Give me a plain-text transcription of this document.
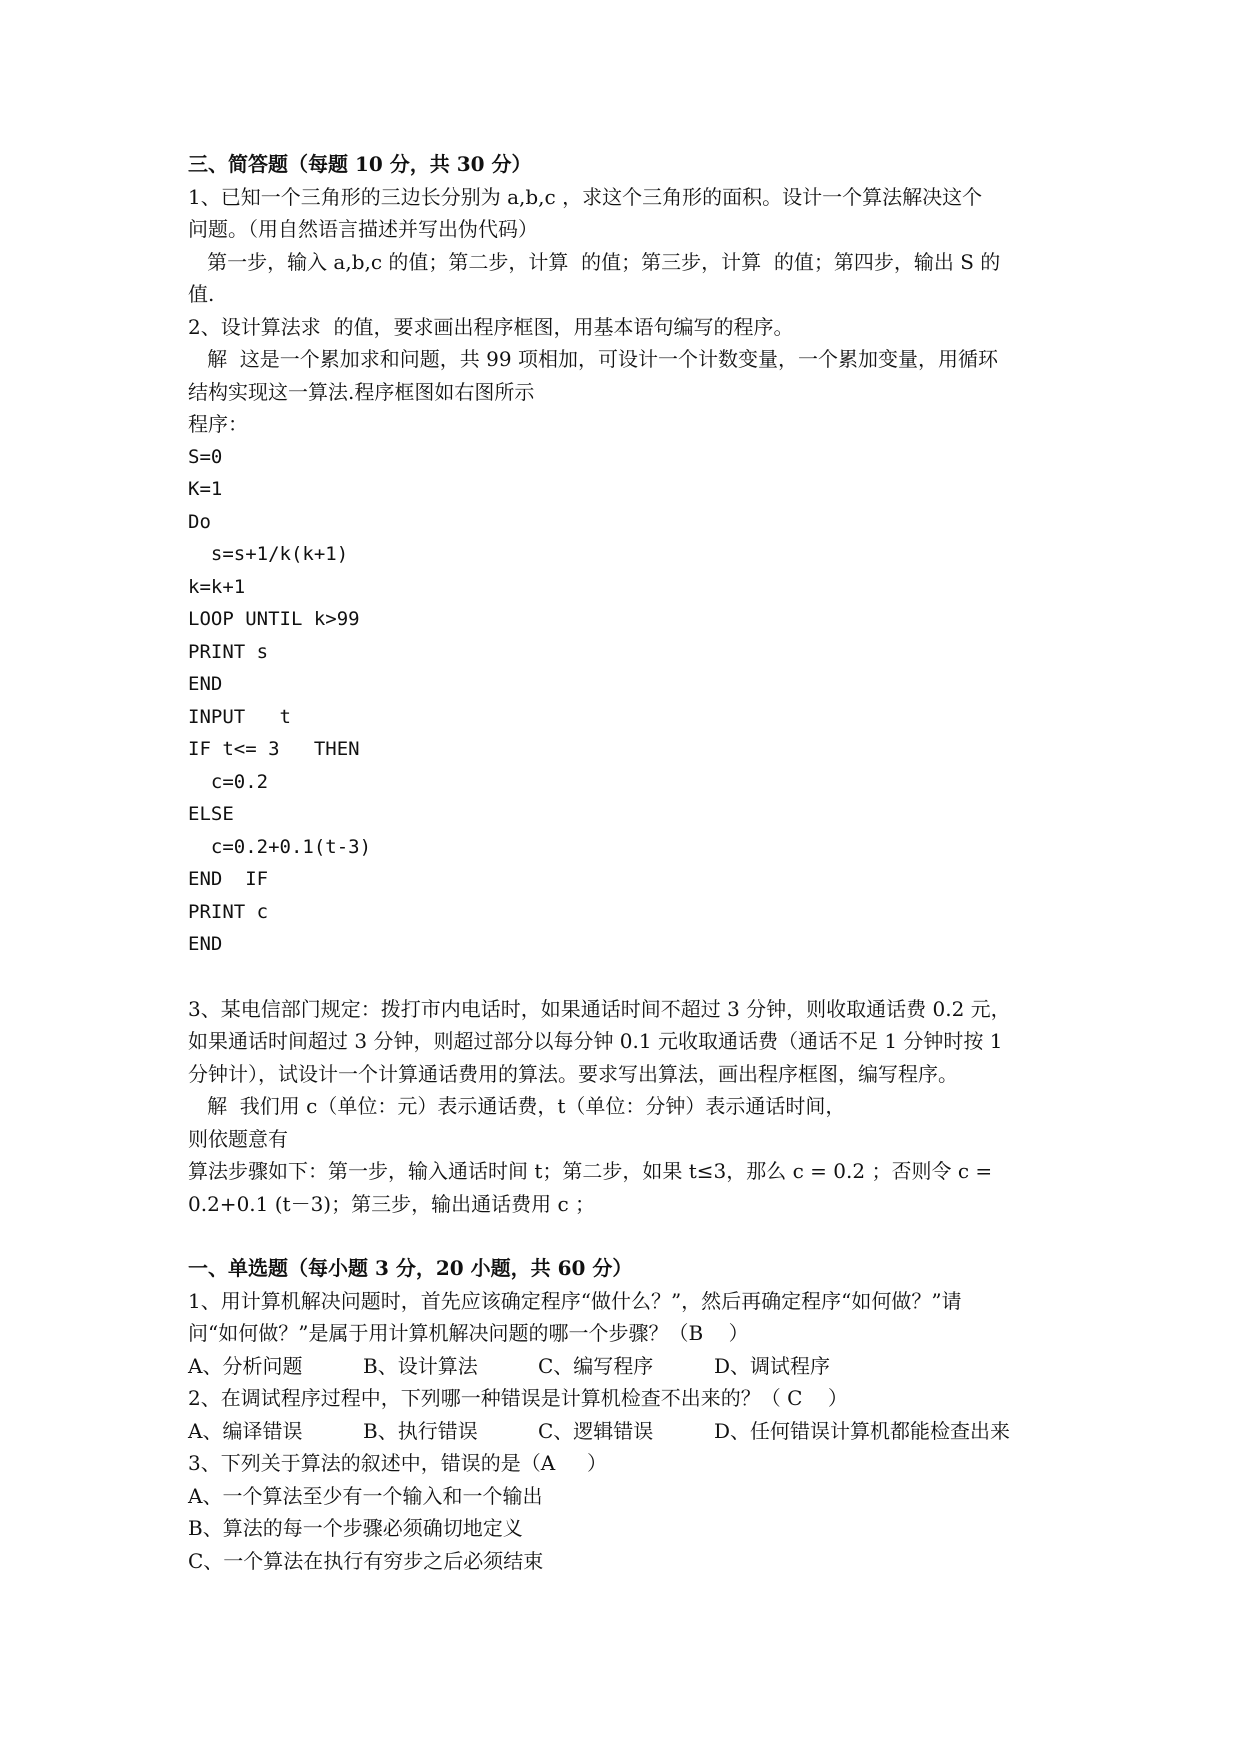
三、简答题（每题 10 分，共 30 分）

1、已知一个三角形的三边长分别为 a,b,c ，求这个三角形的面积。设计一个算法解决这个

问题。（用自然语言描述并写出伪代码）

第一步，输入 a,b,c 的值；第二步，计算  的值；第三步，计算  的值；第四步，输出 S 的

值.

2、设计算法求  的值，要求画出程序框图，用基本语句编写的程序。

解  这是一个累加求和问题，共 99 项相加，可设计一个计数变量，一个累加变量，用循环

结构实现这一算法.程序框图如右图所示

程序：

S=0

K=1

Do

s=s+1/k(k+1)

k=k+1

LOOP UNTIL k>99

PRINT s

END

INPUT   t

IF t<= 3   THEN

c=0.2

ELSE

c=0.2+0.1(t-3)

END  IF

PRINT c

END

3、某电信部门规定：拨打市内电话时，如果通话时间不超过 3 分钟，则收取通话费 0.2 元，

如果通话时间超过 3 分钟，则超过部分以每分钟 0.1 元收取通话费（通话不足 1 分钟时按 1

分钟计），试设计一个计算通话费用的算法。要求写出算法，画出程序框图，编写程序。

解  我们用 c（单位：元）表示通话费，t（单位：分钟）表示通话时间，

则依题意有

算法步骤如下：第一步，输入通话时间 t；第二步，如果 t≤3，那么 c = 0.2 ；否则令 c =

0.2+0.1 (t－3)；第三步，输出通话费用 c ；

一、单选题（每小题 3 分，20 小题，共 60 分）

1、用计算机解决问题时，首先应该确定程序“做什么？”，然后再确定程序“如何做？”请

问“如何做？”是属于用计算机解决问题的哪一个步骤？（B    ）

A、分析问题	B、设计算法	C、编写程序	D、调试程序

2、在调试程序过程中，下列哪一种错误是计算机检查不出来的？（ C    ）

A、编译错误	B、执行错误	C、逻辑错误	D、任何错误计算机都能检查出来

3、下列关于算法的叙述中，错误的是（A     ）

A、一个算法至少有一个输入和一个输出

B、算法的每一个步骤必须确切地定义

C、一个算法在执行有穷步之后必须结束
